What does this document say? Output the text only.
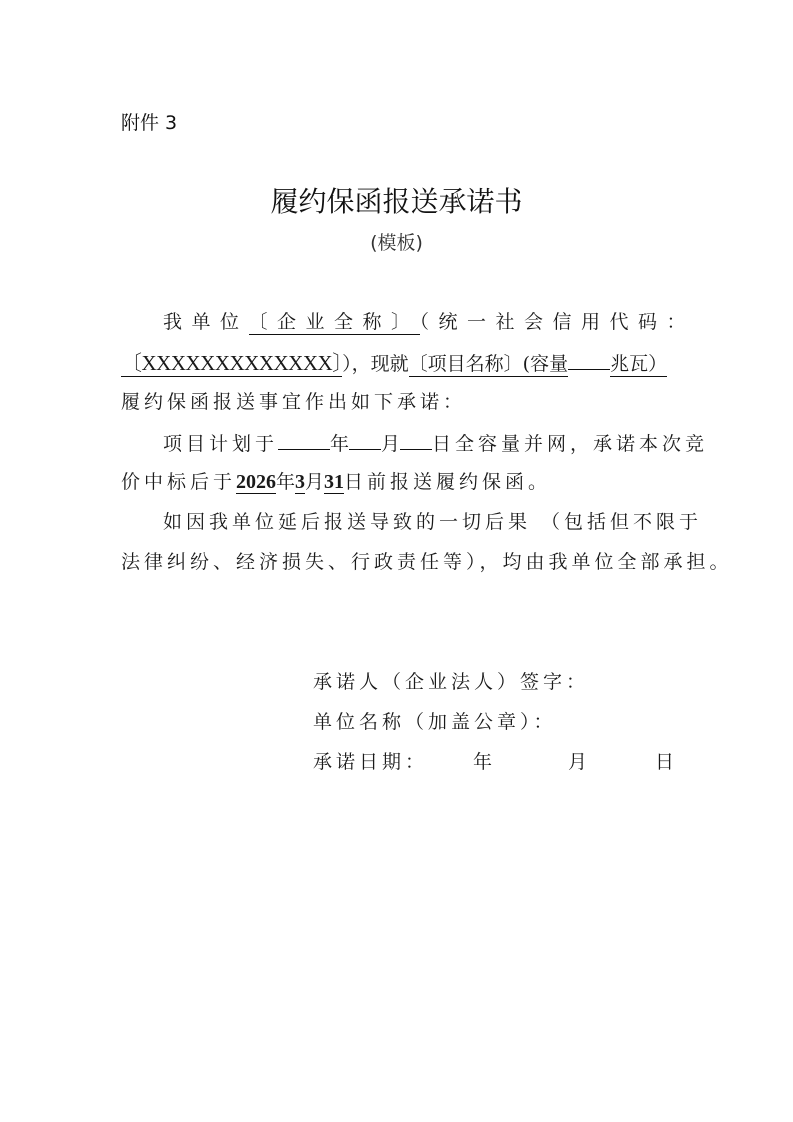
附件 3
履约保函报送承诺书
(模板)
我单位〔企业全称〕（统一社会信用代码：
〔XXXXXXXXXXXXX〕），现就〔项目名称〕(容量 兆瓦）
履约保函报送事宜作出如下承诺：
项目计划于	年 月 日全容量并网，承诺本次竞
价中标后于2026年3月31日前报送履约保函。
如因我单位延后报送导致的一切后果 （包括但不限于
法律纠纷、经济损失、行政责任等），均由我单位全部承担。
承诺人（企业法人）签字：
单位名称（加盖公章）：
承诺日期： 年	月	日
